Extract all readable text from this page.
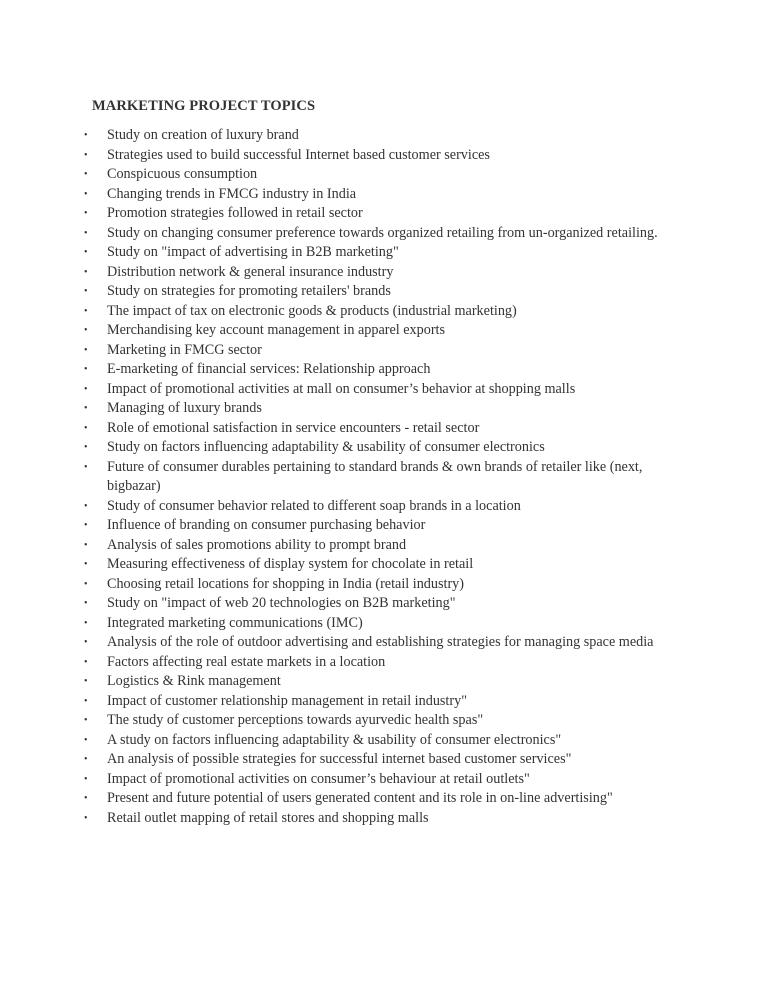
MARKETING PROJECT TOPICS
• Study on creation of luxury brand
• Strategies used to build successful Internet based customer services
• Conspicuous consumption
• Changing trends in FMCG industry in India
• Promotion strategies followed in retail sector
• Study on changing consumer preference towards organized retailing from un-organized retailing.
• Study on "impact of advertising in B2B marketing"
• Distribution network & general insurance industry
• Study on strategies for promoting retailers' brands
• The impact of tax on electronic goods & products (industrial marketing)
• Merchandising key account management in apparel exports
• Marketing in FMCG sector
• E-marketing of financial services: Relationship approach
• Impact of promotional activities at mall on consumer’s behavior at shopping malls
• Managing of luxury brands
• Role of emotional satisfaction in service encounters - retail sector
• Study on factors influencing adaptability & usability of consumer electronics
• Future of consumer durables pertaining to standard brands & own brands of retailer like (next, bigbazar)
• Study of consumer behavior related to different soap brands in a location
• Influence of branding on consumer purchasing behavior
• Analysis of sales promotions ability to prompt brand
• Measuring effectiveness of display system for chocolate in retail
• Choosing retail locations for shopping in India (retail industry)
• Study on "impact of web 20 technologies on B2B marketing"
• Integrated marketing communications (IMC)
• Analysis of the role of outdoor advertising and establishing strategies for managing space media
• Factors affecting real estate markets in a location
• Logistics & Rink management
• Impact of customer relationship management in retail industry"
• The study of customer perceptions towards ayurvedic health spas"
• A study on factors influencing adaptability & usability of consumer electronics"
• An analysis of possible strategies for successful internet based customer services"
• Impact of promotional activities on consumer’s behaviour at retail outlets"
• Present and future potential of users generated content and its role in on-line advertising"
• Retail outlet mapping of retail stores and shopping malls
